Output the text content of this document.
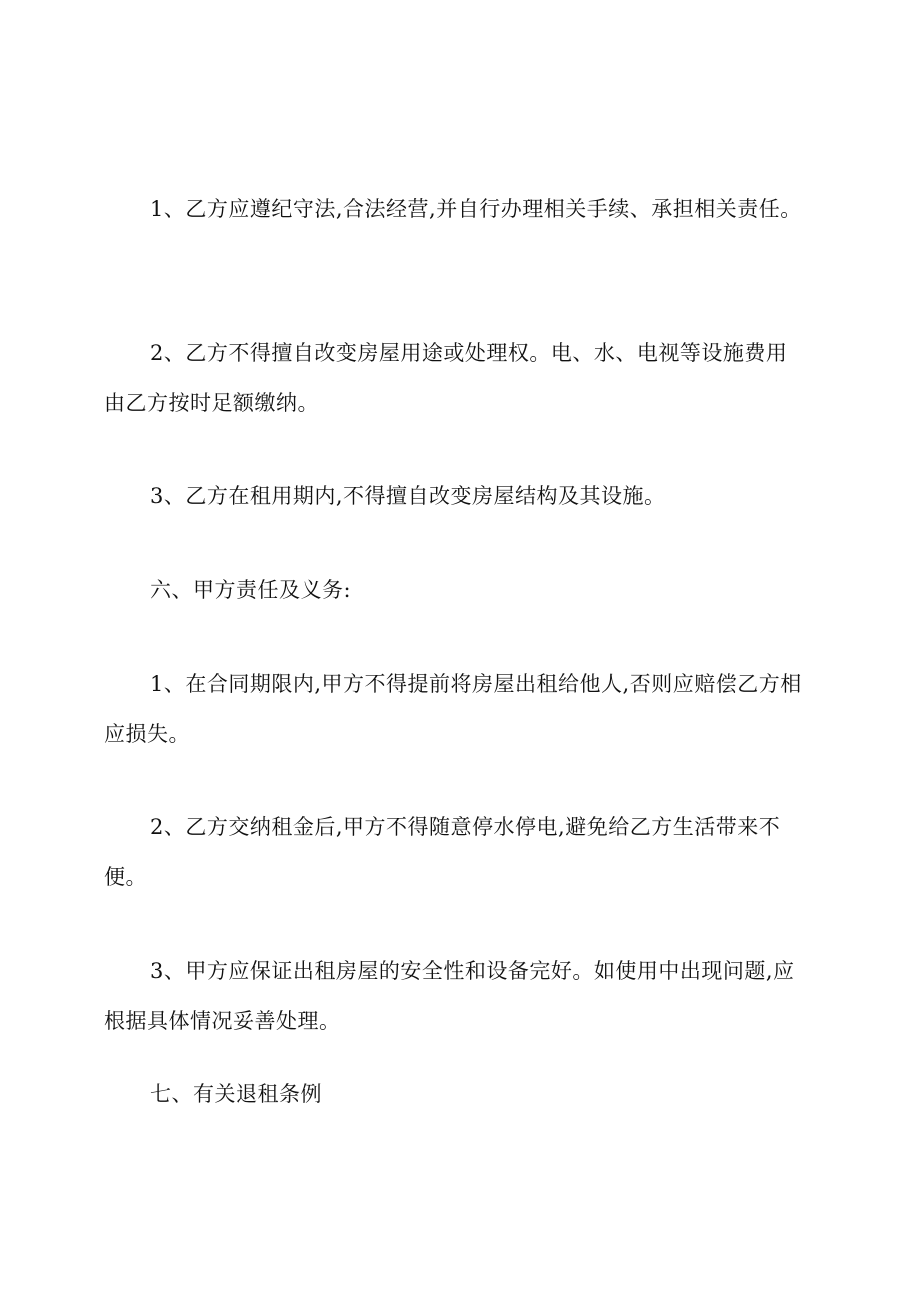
1、乙方应遵纪守法,合法经营,并自行办理相关手续、承担相关责任。

2、乙方不得擅自改变房屋用途或处理权。电、水、电视等设施费用由乙方按时足额缴纳。

3、乙方在租用期内,不得擅自改变房屋结构及其设施。

六、甲方责任及义务:

1、在合同期限内,甲方不得提前将房屋出租给他人,否则应赔偿乙方相应损失。

2、乙方交纳租金后,甲方不得随意停水停电,避免给乙方生活带来不便。

3、甲方应保证出租房屋的安全性和设备完好。如使用中出现问题,应根据具体情况妥善处理。

七、有关退租条例
